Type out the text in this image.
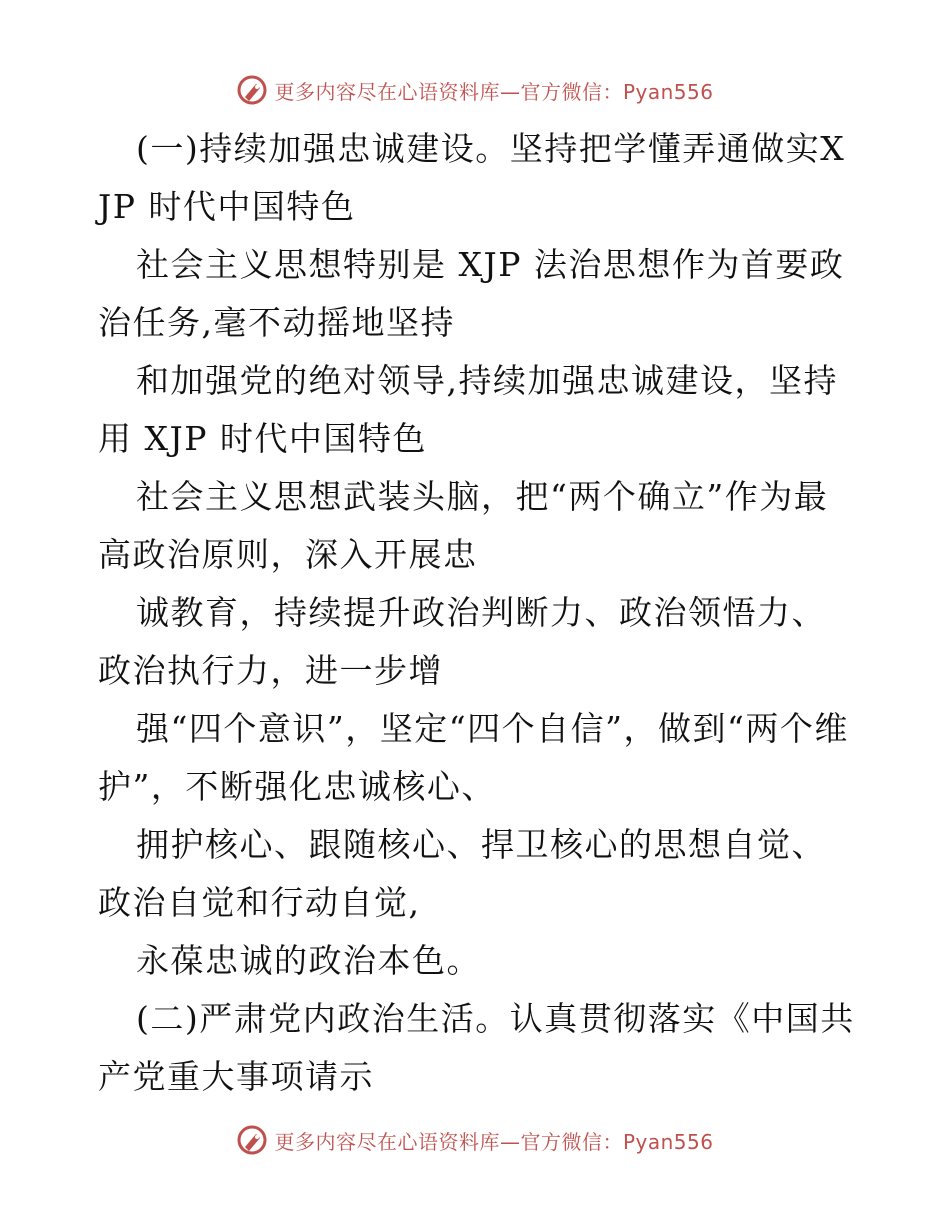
更多内容尽在心语资料库—官方微信：Pyan556

(一)持续加强忠诚建设。坚持把学懂弄通做实XJP 时代中国特色

社会主义思想特别是 XJP 法治思想作为首要政治任务,毫不动摇地坚持

和加强党的绝对领导,持续加强忠诚建设，坚持用 XJP 时代中国特色

社会主义思想武装头脑，把“两个确立”作为最高政治原则，深入开展忠

诚教育，持续提升政治判断力、政治领悟力、政治执行力，进一步增

强“四个意识”，坚定“四个自信”，做到“两个维护”，不断强化忠诚核心、

拥护核心、跟随核心、捍卫核心的思想自觉、政治自觉和行动自觉,

永葆忠诚的政治本色。

(二)严肃党内政治生活。认真贯彻落实《中国共产党重大事项请示

更多内容尽在心语资料库—官方微信：Pyan556
